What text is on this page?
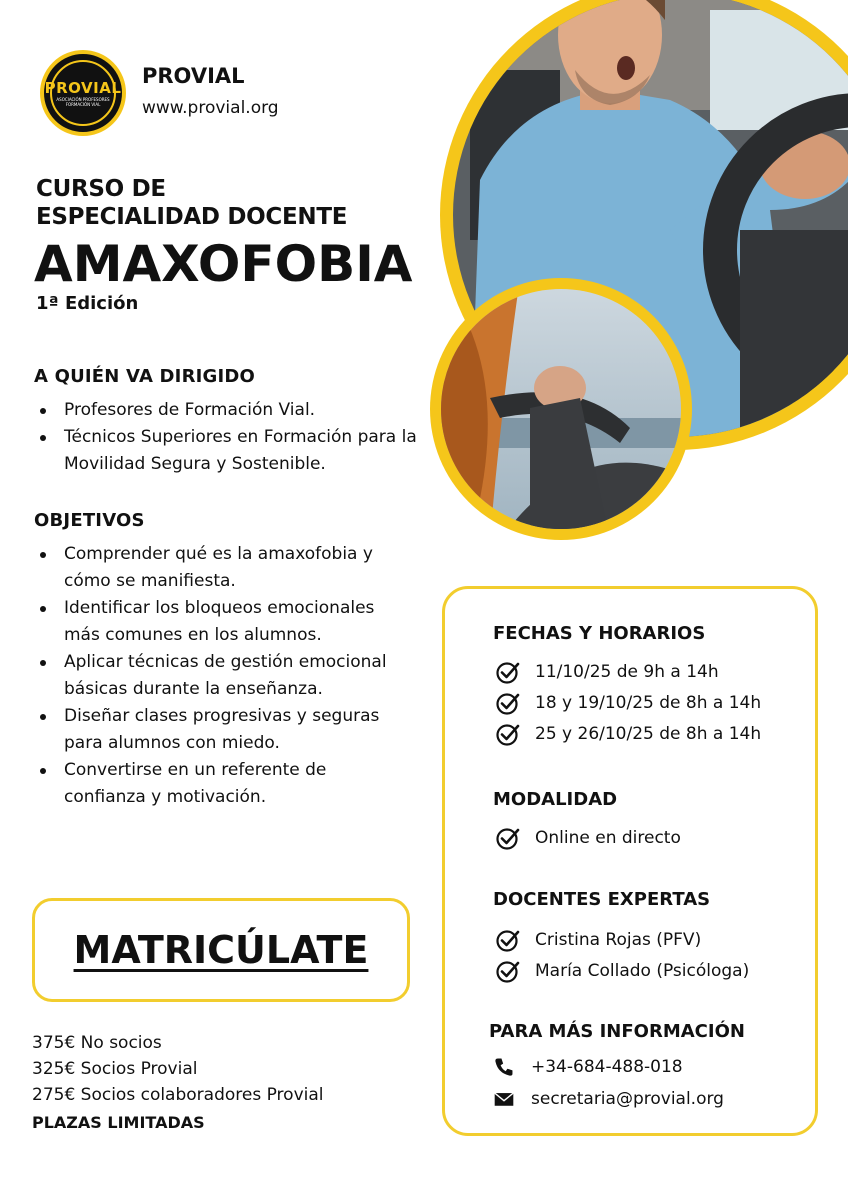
PROVIAL
ASOCIACIÓN PROFESORES FORMACIÓN VIAL
PROVIAL
www.provial.org
CURSO DE
ESPECIALIDAD DOCENTE
AMAXOFOBIA
1ª Edición
A QUIÉN VA DIRIGIDO
Profesores de Formación Vial.
Técnicos Superiores en Formación para la Movilidad Segura y Sostenible.
OBJETIVOS
Comprender qué es la amaxofobia y cómo se manifiesta.
Identificar los bloqueos emocionales más comunes en los alumnos.
Aplicar técnicas de gestión emocional básicas durante la enseñanza.
Diseñar clases progresivas y seguras para alumnos con miedo.
Convertirse en un referente de confianza y motivación.
MATRICÚLATE
375€ No socios
325€ Socios Provial
275€ Socios colaboradores Provial
PLAZAS LIMITADAS
FECHAS Y HORARIOS
11/10/25 de 9h a 14h
18 y 19/10/25 de 8h a 14h
25 y 26/10/25 de 8h a 14h
MODALIDAD
Online en directo
DOCENTES EXPERTAS
Cristina Rojas (PFV)
María Collado (Psicóloga)
PARA MÁS INFORMACIÓN
+34-684-488-018
secretaria@provial.org
